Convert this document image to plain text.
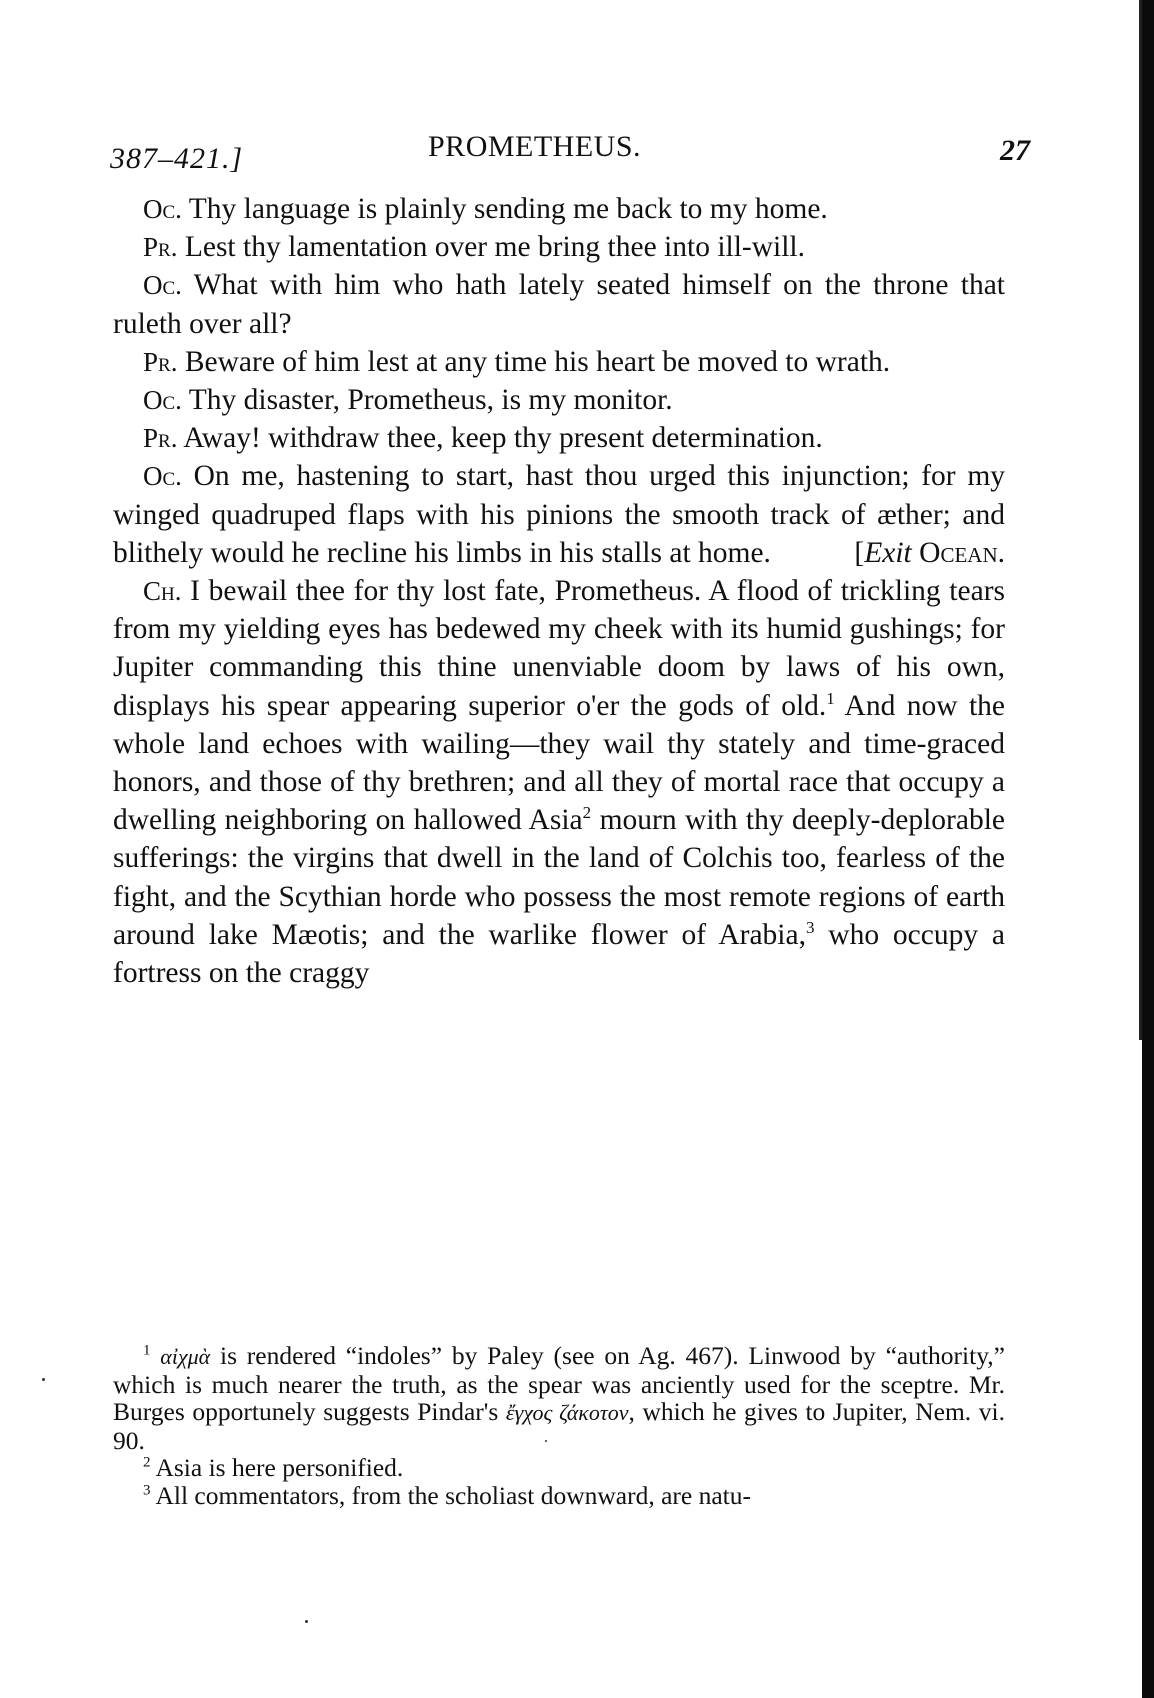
387–421.]	PROMETHEUS.	27

Oc. Thy language is plainly sending me back to my home.

Pr. Lest thy lamentation over me bring thee into ill-will.

Oc. What with him who hath lately seated himself on the throne that ruleth over all?

Pr. Beware of him lest at any time his heart be moved to wrath.

Oc. Thy disaster, Prometheus, is my monitor.

Pr. Away! withdraw thee, keep thy present determination.

Oc. On me, hastening to start, hast thou urged this injunction; for my winged quadruped flaps with his pinions the smooth track of æther; and blithely would he recline his limbs in his stalls at home.	[Exit Ocean.

Ch. I bewail thee for thy lost fate, Prometheus. A flood of trickling tears from my yielding eyes has bedewed my cheek with its humid gushings; for Jupiter commanding this thine unenviable doom by laws of his own, displays his spear appearing superior o'er the gods of old.$^1$ And now the whole land echoes with wailing—they wail thy stately and time-graced honors, and those of thy brethren; and all they of mortal race that occupy a dwelling neighboring on hallowed Asia$^2$ mourn with thy deeply-deplorable sufferings: the virgins that dwell in the land of Colchis too, fearless of the fight, and the Scythian horde who possess the most remote regions of earth around lake Mæotis; and the warlike flower of Arabia,$^3$ who occupy a fortress on the craggy

$^1$ αἰχμὰ is rendered “indoles” by Paley (see on Ag. 467). Linwood by “authority,” which is much nearer the truth, as the spear was anciently used for the sceptre. Mr. Burges opportunely suggests Pindar's ἔγχος ζάκοτον, which he gives to Jupiter, Nem. vi. 90.

$^2$ Asia is here personified.

$^3$ All commentators, from the scholiast downward, are natu-
